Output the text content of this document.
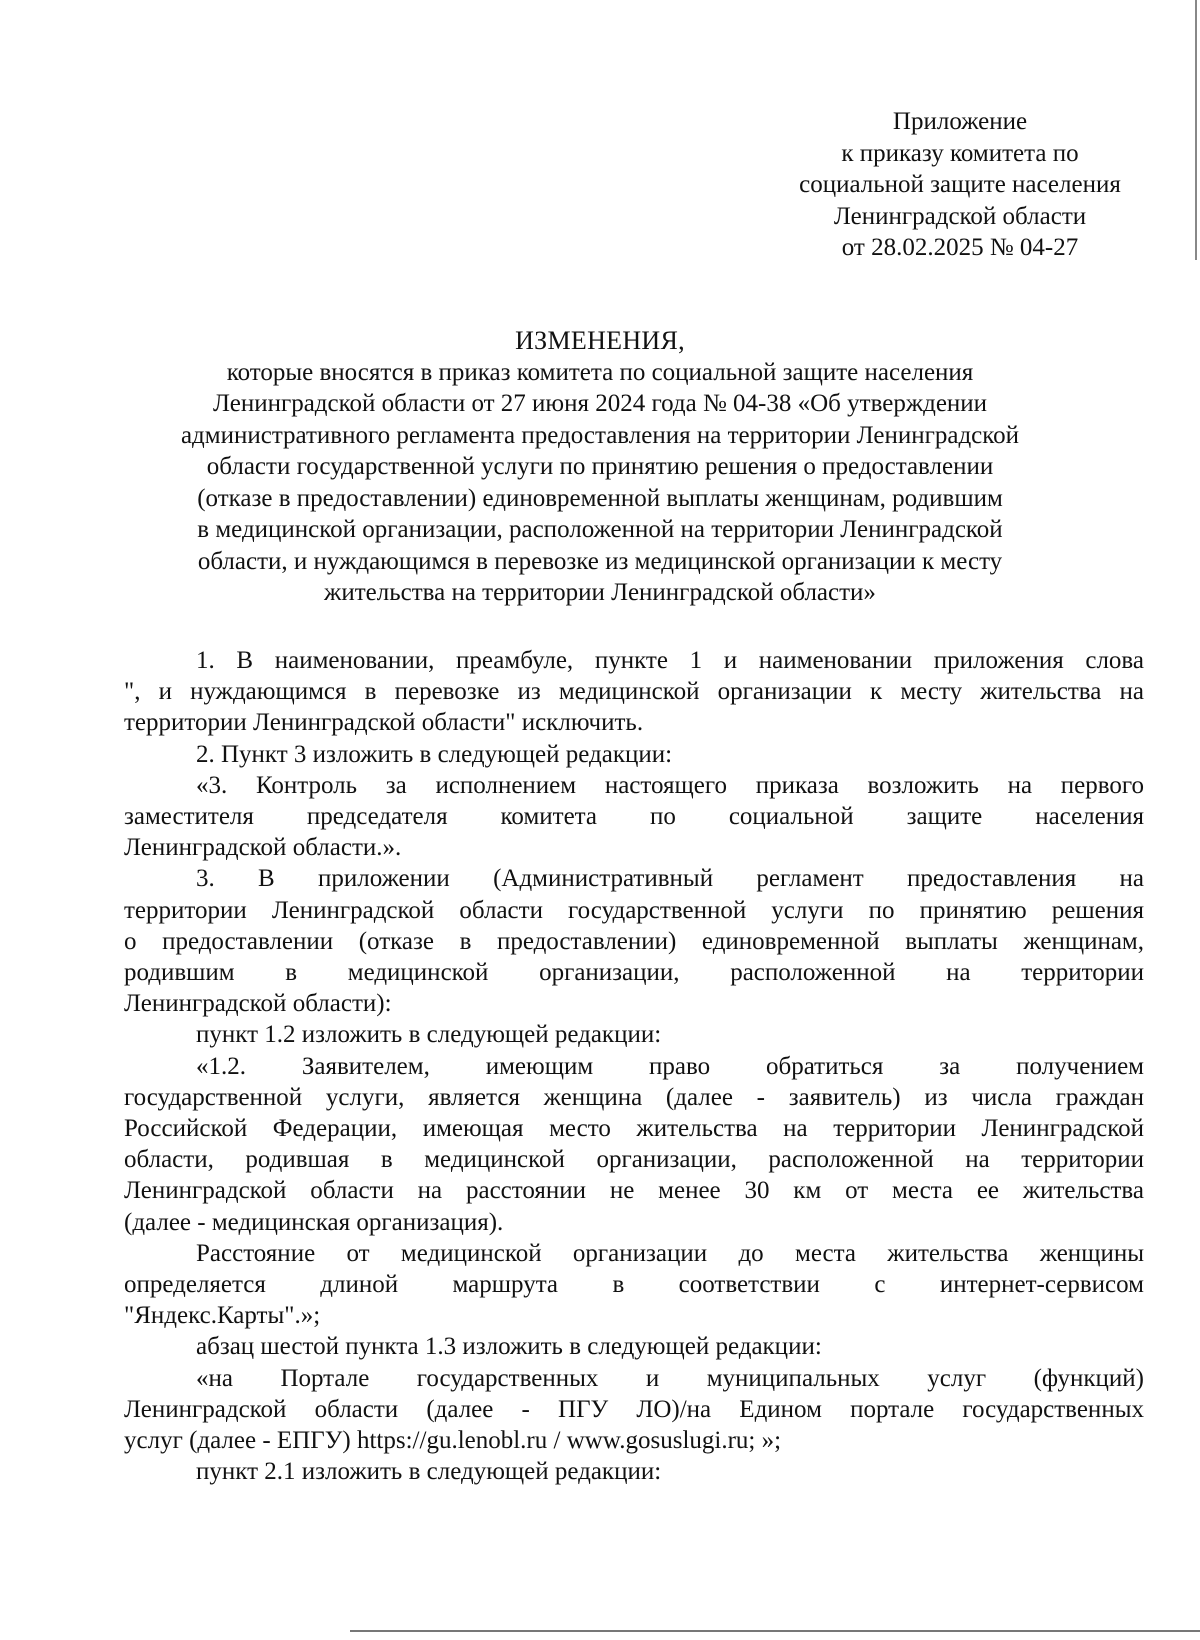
Приложение
к приказу комитета по
социальной защите населения
Ленинградской области
от 28.02.2025 № 04-27
ИЗМЕНЕНИЯ,
которые вносятся в приказ комитета по социальной защите населения
Ленинградской области от 27 июня 2024 года № 04-38 «Об утверждении
административного регламента предоставления на территории Ленинградской
области государственной услуги по принятию решения о предоставлении
(отказе в предоставлении) единовременной выплаты женщинам, родившим
в медицинской организации, расположенной на территории Ленинградской
области, и нуждающимся в перевозке из медицинской организации к месту
жительства на территории Ленинградской области»
1. В наименовании, преамбуле, пункте 1 и наименовании приложения слова
", и нуждающимся в перевозке из медицинской организации к месту жительства на
территории Ленинградской области" исключить.
2. Пункт 3 изложить в следующей редакции:
«3. Контроль за исполнением настоящего приказа возложить на первого
заместителя председателя комитета по социальной защите населения
Ленинградской области.».
3. В приложении (Административный регламент предоставления на
территории Ленинградской области государственной услуги по принятию решения
о предоставлении (отказе в предоставлении) единовременной выплаты женщинам,
родившим в медицинской организации, расположенной на территории
Ленинградской области):
пункт 1.2 изложить в следующей редакции:
«1.2. Заявителем, имеющим право обратиться за получением
государственной услуги, является женщина (далее - заявитель) из числа граждан
Российской Федерации, имеющая место жительства на территории Ленинградской
области, родившая в медицинской организации, расположенной на территории
Ленинградской области на расстоянии не менее 30 км от места ее жительства
(далее - медицинская организация).
Расстояние от медицинской организации до места жительства женщины
определяется длиной маршрута в соответствии с интернет-сервисом
"Яндекс.Карты".»;
абзац шестой пункта 1.3 изложить в следующей редакции:
«на Портале государственных и муниципальных услуг (функций)
Ленинградской области (далее - ПГУ ЛО)/на Едином портале государственных
услуг (далее - ЕПГУ) https://gu.lenobl.ru / www.gosuslugi.ru; »;
пункт 2.1 изложить в следующей редакции:
